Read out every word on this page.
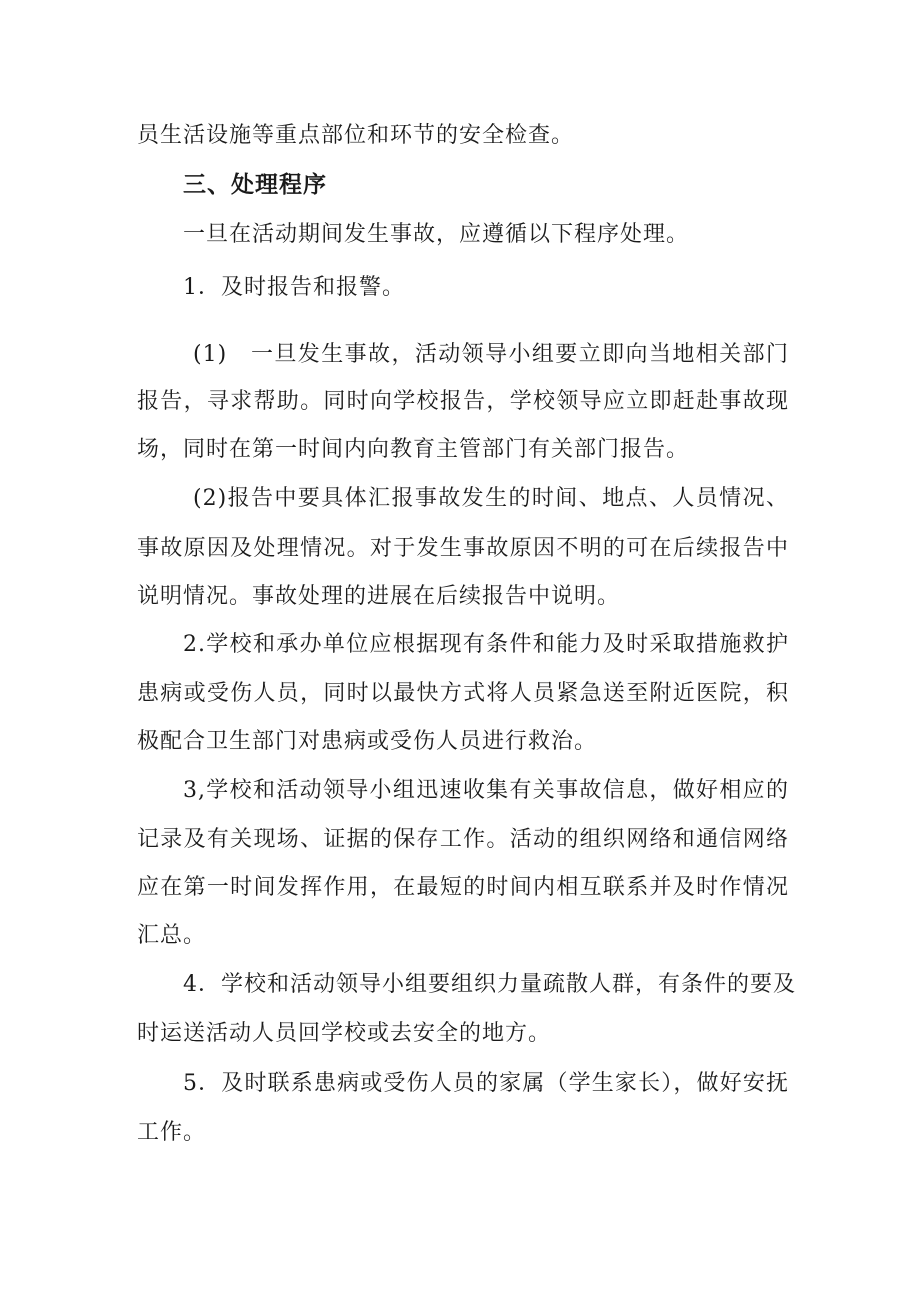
员生活设施等重点部位和环节的安全检查。
三、处理程序
一旦在活动期间发生事故，应遵循以下程序处理。
1．及时报告和报警。
(1)　一旦发生事故，活动领导小组要立即向当地相关部门
报告，寻求帮助。同时向学校报告，学校领导应立即赶赴事故现
场，同时在第一时间内向教育主管部门有关部门报告。
(2)报告中要具体汇报事故发生的时间、地点、人员情况、
事故原因及处理情况。对于发生事故原因不明的可在后续报告中
说明情况。事故处理的进展在后续报告中说明。
2.学校和承办单位应根据现有条件和能力及时采取措施救护
患病或受伤人员，同时以最快方式将人员紧急送至附近医院，积
极配合卫生部门对患病或受伤人员进行救治。
3,学校和活动领导小组迅速收集有关事故信息，做好相应的
记录及有关现场、证据的保存工作。活动的组织网络和通信网络
应在第一时间发挥作用，在最短的时间内相互联系并及时作情况
汇总。
4．学校和活动领导小组要组织力量疏散人群，有条件的要及
时运送活动人员回学校或去安全的地方。
5．及时联系患病或受伤人员的家属（学生家长），做好安抚
工作。
